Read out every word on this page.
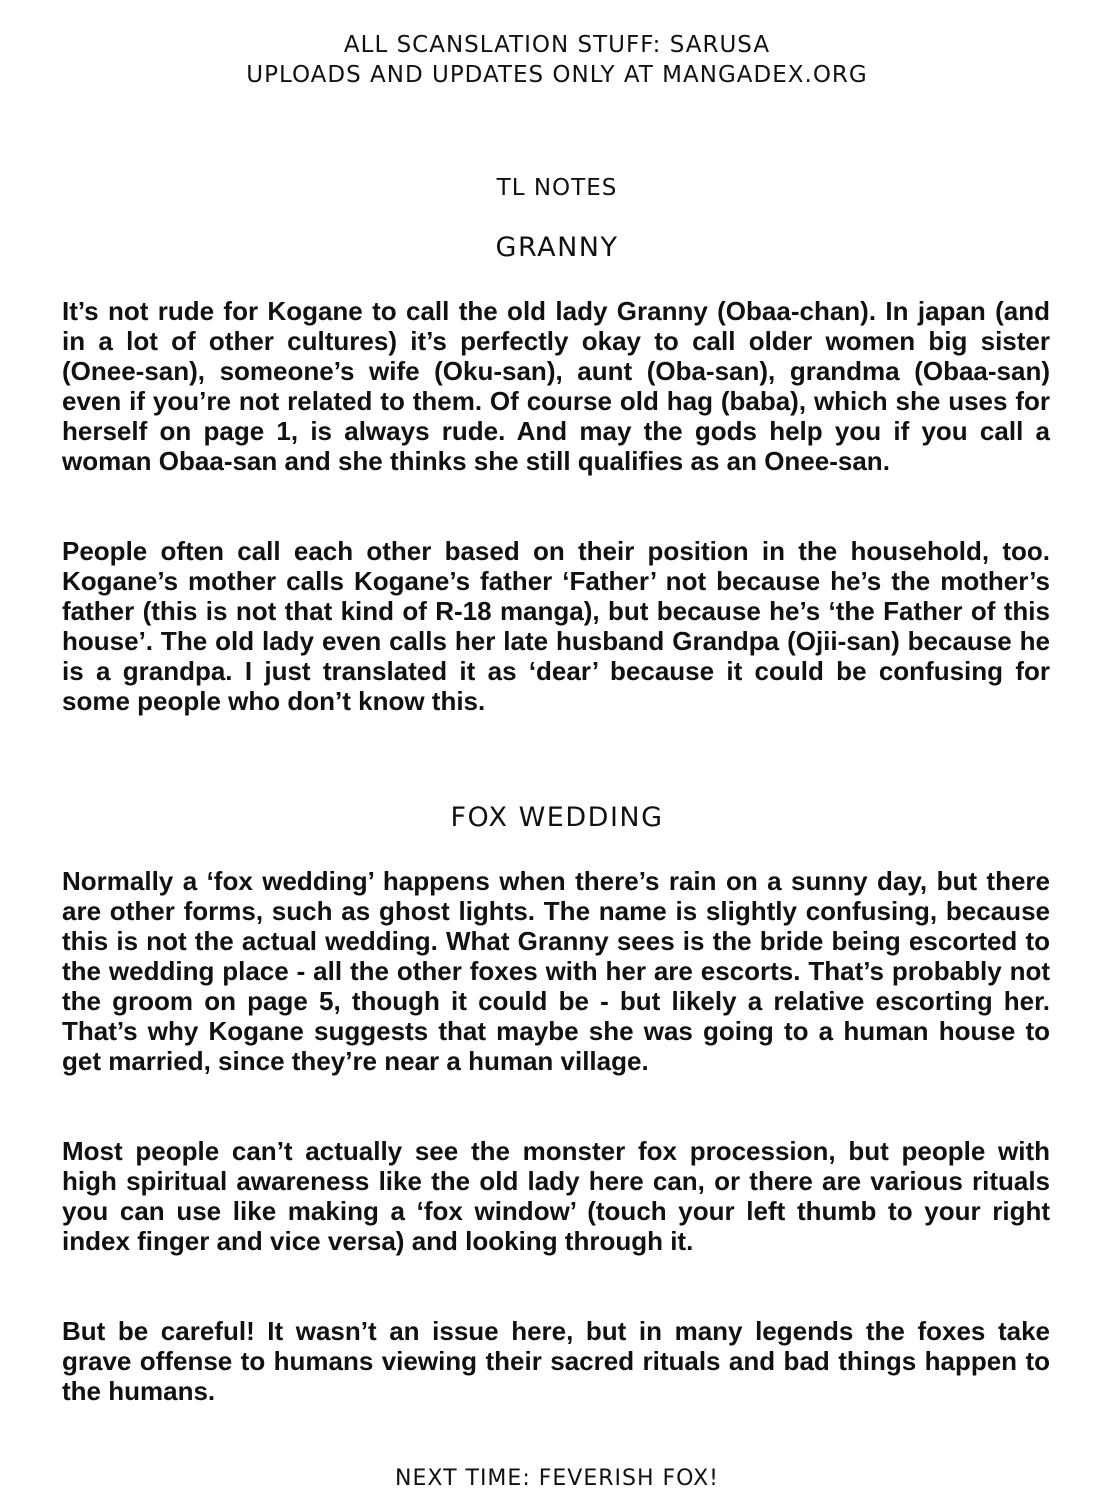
ALL SCANSLATION STUFF: SARUSA
UPLOADS AND UPDATES ONLY AT MANGADEX.ORG
TL NOTES
GRANNY

It’s not rude for Kogane to call the old lady Granny (Obaa-chan). In japan (and in a lot of other cultures) it’s perfectly okay to call older women big sister (Onee-san), someone’s wife (Oku-san), aunt (Oba-san), grandma (Obaa-san) even if you’re not related to them. Of course old hag (baba), which she uses for herself on page 1, is always rude. And may the gods help you if you call a woman Obaa-san and she thinks she still qualifies as an Onee-san.

People often call each other based on their position in the household, too. Kogane’s mother calls Kogane’s father ‘Father’ not because he’s the mother’s father (this is not that kind of R-18 manga), but because he’s ‘the Father of this house’. The old lady even calls her late husband Grandpa (Ojii-san) because he is a grandpa. I just translated it as ‘dear’ because it could be confusing for some people who don’t know this.

FOX WEDDING

Normally a ‘fox wedding’ happens when there’s rain on a sunny day, but there are other forms, such as ghost lights. The name is slightly confusing, because this is not the actual wedding. What Granny sees is the bride being escorted to the wedding place - all the other foxes with her are escorts. That’s probably not the groom on page 5, though it could be - but likely a relative escorting her. That’s why Kogane suggests that maybe she was going to a human house to get married, since they’re near a human village.

Most people can’t actually see the monster fox procession, but people with high spiritual awareness like the old lady here can, or there are various rituals you can use like making a ‘fox window’ (touch your left thumb to your right index finger and vice versa) and looking through it.

But be careful! It wasn’t an issue here, but in many legends the foxes take grave offense to humans viewing their sacred rituals and bad things happen to the humans.

NEXT TIME: FEVERISH FOX!
